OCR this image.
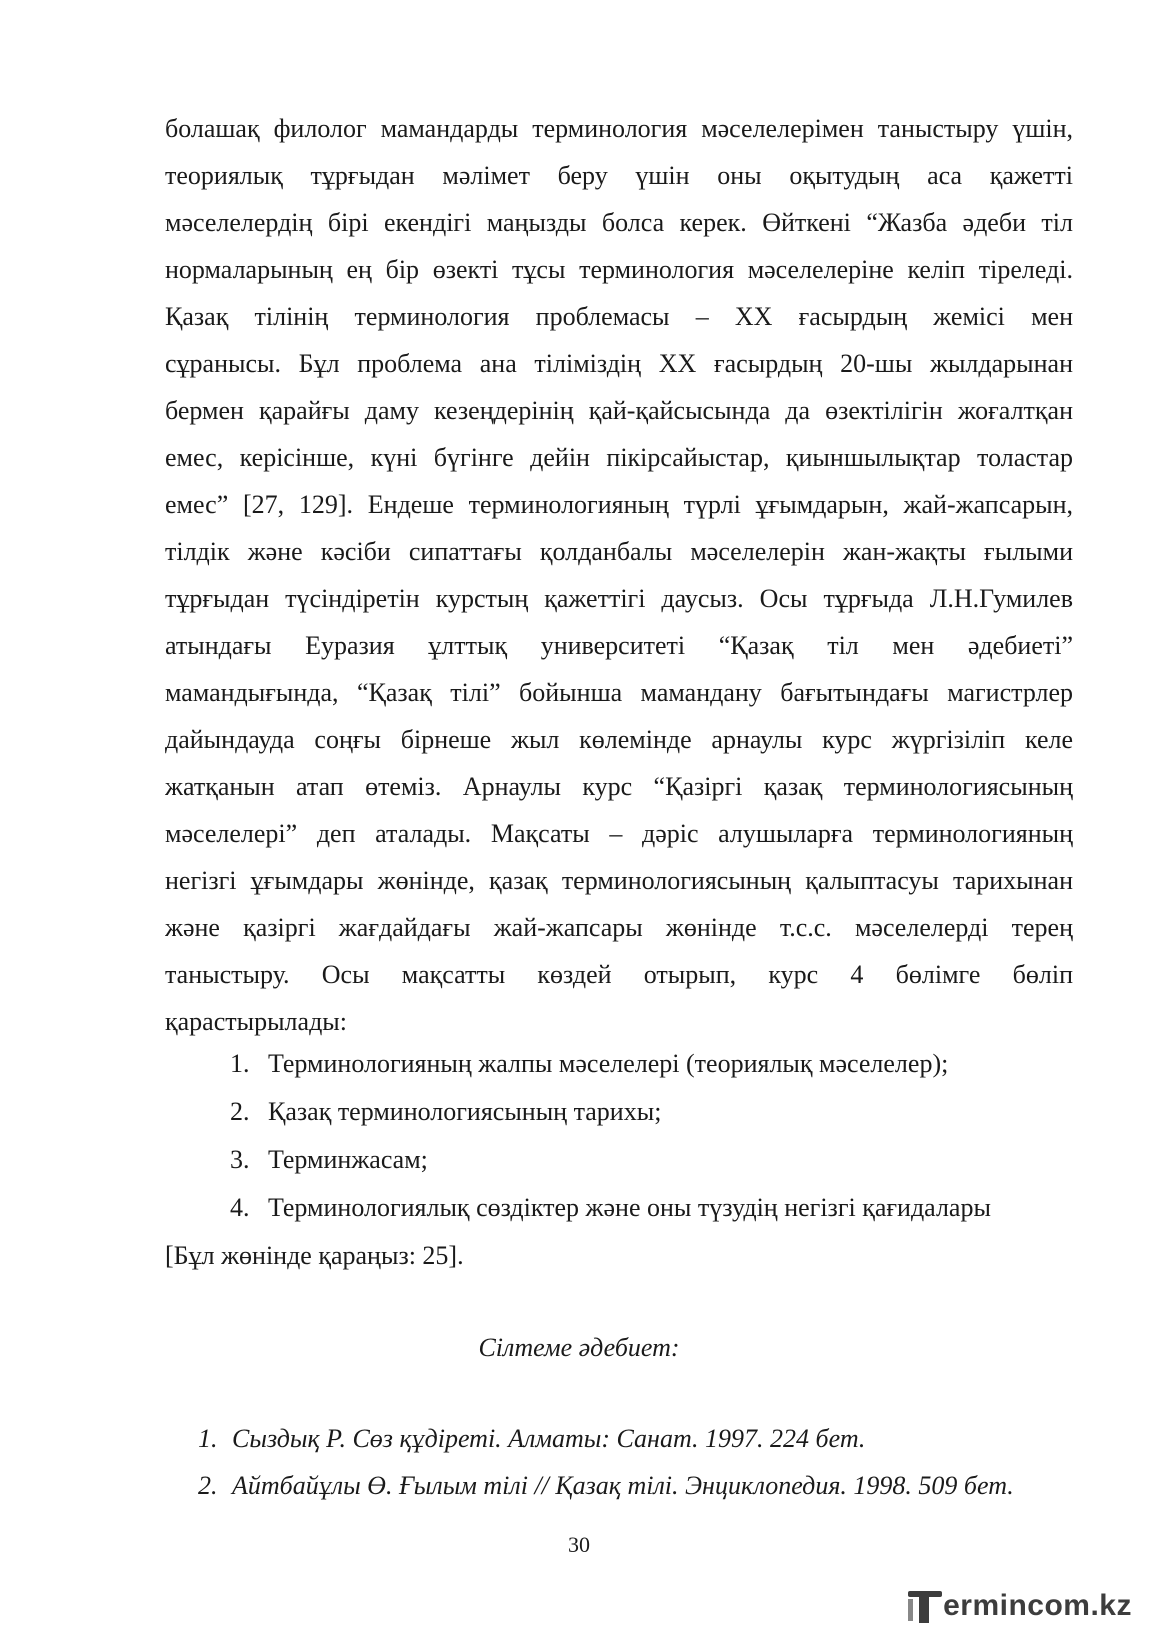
болашақ филолог мамандарды терминология мәселелерімен таныстыру үшін,
теориялық тұрғыдан мәлімет беру үшін оны оқытудың аса қажетті
мәселелердің бірі екендігі маңызды болса керек. Өйткені “Жазба әдеби тіл
нормаларының ең бір өзекті тұсы терминология мәселелеріне келіп тіреледі.
Қазақ тілінің терминология проблемасы – ХХ ғасырдың жемісі мен
сұранысы. Бұл проблема ана тіліміздің ХХ ғасырдың 20-шы жылдарынан
бермен қарайғы даму кезеңдерінің қай-қайсысында да өзектілігін жоғалтқан
емес, керісінше, күні бүгінге дейін пікірсайыстар, қиыншылықтар толастар
емес” [27, 129]. Ендеше терминологияның түрлі ұғымдарын, жай-жапсарын,
тілдік және кәсіби сипаттағы қолданбалы мәселелерін жан-жақты ғылыми
тұрғыдан түсіндіретін курстың қажеттігі даусыз. Осы тұрғыда Л.Н.Гумилев
атындағы Еуразия ұлттық университеті “Қазақ тіл мен әдебиеті”
мамандығында, “Қазақ тілі” бойынша мамандану бағытындағы магистрлер
дайындауда соңғы бірнеше жыл көлемінде арнаулы курс жүргізіліп келе
жатқанын атап өтеміз. Арнаулы курс “Қазіргі қазақ терминологиясының
мәселелері” деп аталады. Мақсаты – дәріс алушыларға терминологияның
негізгі ұғымдары жөнінде, қазақ терминологиясының қалыптасуы тарихынан
және қазіргі жағдайдағы жай-жапсары жөнінде т.с.с. мәселелерді терең
таныстыру. Осы мақсатты көздей отырып, курс 4 бөлімге бөліп
қарастырылады:
1. Терминологияның жалпы мәселелері (теориялық мәселелер);
2. Қазақ терминологиясының тарихы;
3. Терминжасам;
4. Терминологиялық сөздіктер және оны түзудің негізгі қағидалары
[Бұл жөнінде қараңыз: 25].
Сілтеме әдебиет:
1. Сыздық Р. Сөз құдіреті. Алматы: Санат. 1997. 224 бет.
2. Айтбайұлы Ө. Ғылым тілі // Қазақ тілі. Энциклопедия. 1998. 509 бет.
30
ermincom.kz
